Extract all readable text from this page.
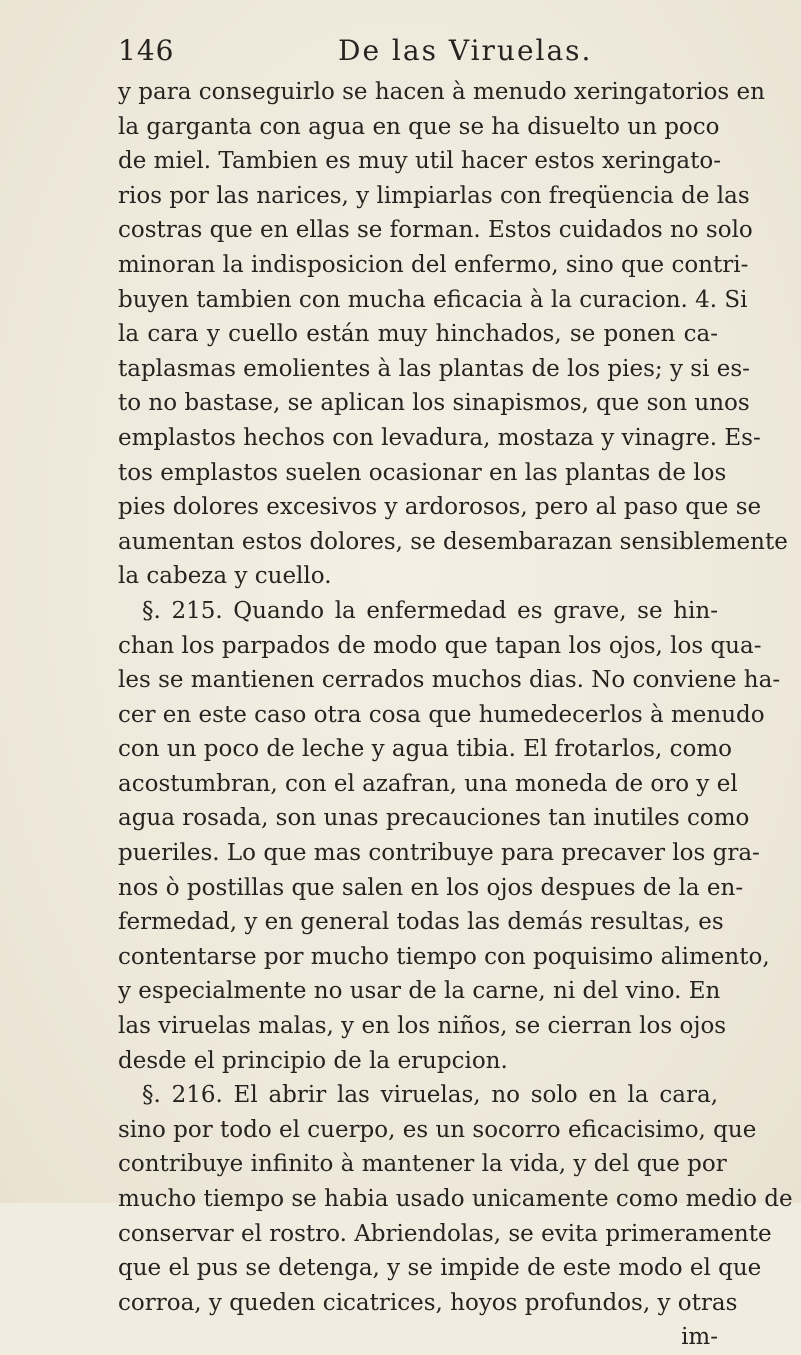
146	De las Viruelas.
y para conseguirlo se hacen à menudo xeringatorios en
la garganta con agua en que se ha disuelto un poco
de miel. Tambien es muy util hacer estos xeringato-
rios por las narices, y limpiarlas con freqüencia de las
costras que en ellas se forman. Estos cuidados no solo
minoran la indisposicion del enfermo, sino que contri-
buyen tambien con mucha eficacia à la curacion. 4. Si
la cara y cuello están muy hinchados, se ponen ca-
taplasmas emolientes à las plantas de los pies; y si es-
to no bastase, se aplican los sinapismos, que son unos
emplastos hechos con levadura, mostaza y vinagre. Es-
tos emplastos suelen ocasionar en las plantas de los
pies dolores excesivos y ardorosos, pero al paso que se
aumentan estos dolores, se desembarazan sensiblemente
la cabeza y cuello.
§. 215. Quando la enfermedad es grave, se hin-
chan los parpados de modo que tapan los ojos, los qua-
les se mantienen cerrados muchos dias. No conviene ha-
cer en este caso otra cosa que humedecerlos à menudo
con un poco de leche y agua tibia. El frotarlos, como
acostumbran, con el azafran, una moneda de oro y el
agua rosada, son unas precauciones tan inutiles como
pueriles. Lo que mas contribuye para precaver los gra-
nos ò postillas que salen en los ojos despues de la en-
fermedad, y en general todas las demás resultas, es
contentarse por mucho tiempo con poquisimo alimento,
y especialmente no usar de la carne, ni del vino. En
las viruelas malas, y en los niños, se cierran los ojos
desde el principio de la erupcion.
§. 216. El abrir las viruelas, no solo en la cara,
sino por todo el cuerpo, es un socorro eficacisimo, que
contribuye infinito à mantener la vida, y del que por
mucho tiempo se habia usado unicamente como medio de
conservar el rostro. Abriendolas, se evita primeramente
que el pus se detenga, y se impide de este modo el que
corroa, y queden cicatrices, hoyos profundos, y otras
im-
